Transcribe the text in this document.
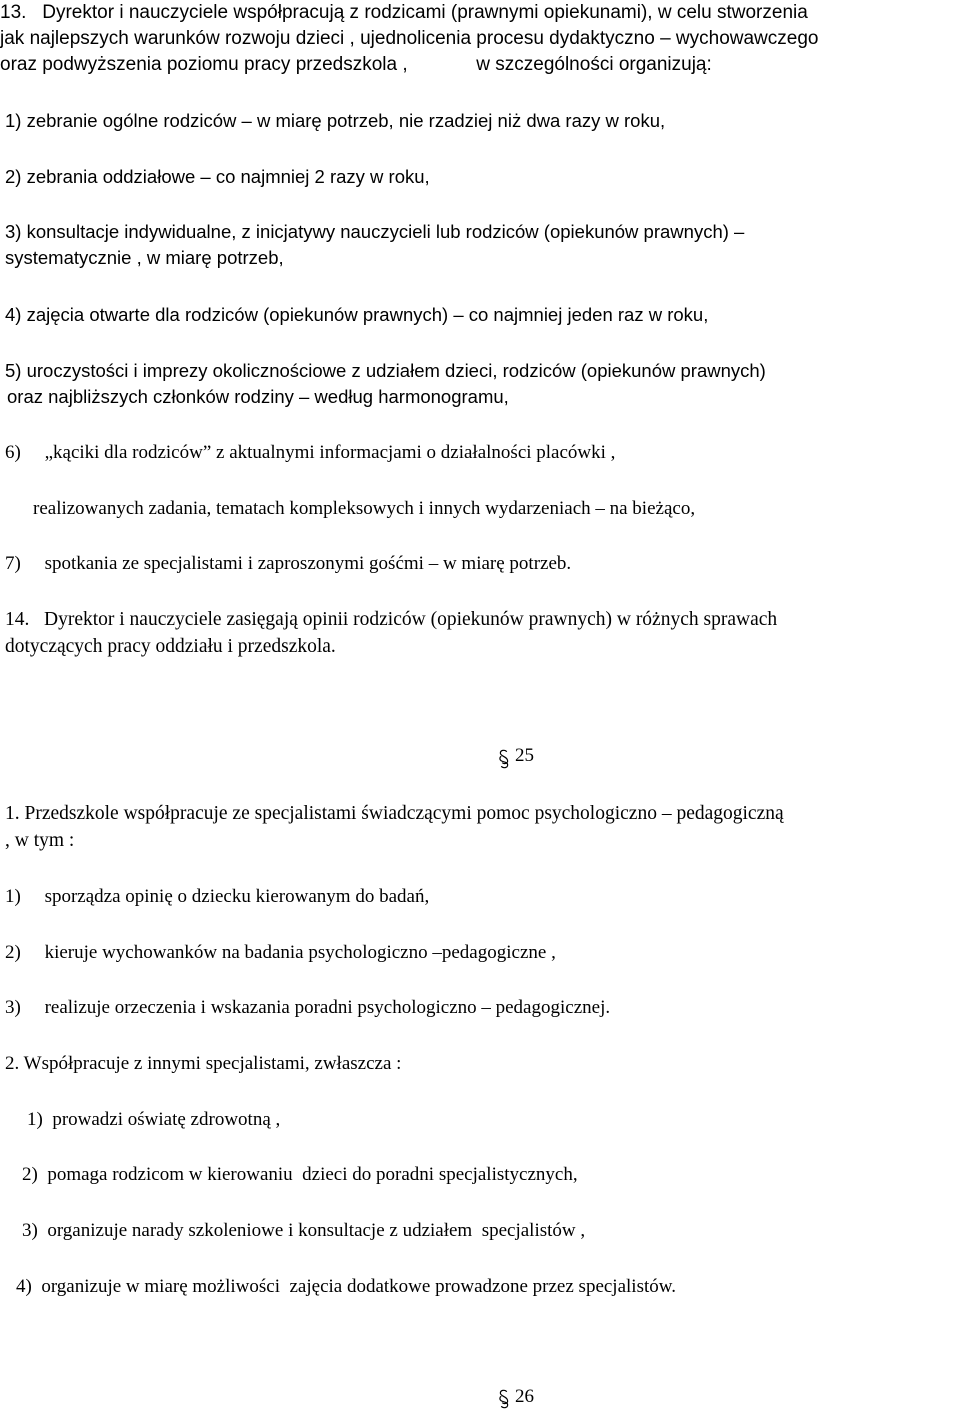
13.   Dyrektor i nauczyciele współpracują z rodzicami (prawnymi opiekunami), w celu stworzenia
jak najlepszych warunków rozwoju dzieci , ujednolicenia procesu dydaktyczno – wychowawczego
oraz podwyższenia poziomu pracy przedszkola ,             w szczególności organizują:
1) zebranie ogólne rodziców – w miarę potrzeb, nie rzadziej niż dwa razy w roku,
2) zebrania oddziałowe – co najmniej 2 razy w roku,
3) konsultacje indywidualne, z inicjatywy nauczycieli lub rodziców (opiekunów prawnych) –
systematycznie , w miarę potrzeb,
4) zajęcia otwarte dla rodziców (opiekunów prawnych) – co najmniej jeden raz w roku,
5) uroczystości i imprezy okolicznościowe z udziałem dzieci, rodziców (opiekunów prawnych)
oraz najbliższych członków rodziny – według harmonogramu,
6)     „kąciki dla rodziców” z aktualnymi informacjami o działalności placówki ,
realizowanych zadania, tematach kompleksowych i innych wydarzeniach – na bieżąco,
7)     spotkania ze specjalistami i zaproszonymi gośćmi – w miarę potrzeb.
14.   Dyrektor i nauczyciele zasięgają opinii rodziców (opiekunów prawnych) w różnych sprawach
dotyczących pracy oddziału i przedszkola.
25
1. Przedszkole współpracuje ze specjalistami świadczącymi pomoc psychologiczno – pedagogiczną
, w tym :
1)     sporządza opinię o dziecku kierowanym do badań,
2)     kieruje wychowanków na badania psychologiczno –pedagogiczne ,
3)     realizuje orzeczenia i wskazania poradni psychologiczno – pedagogicznej.
2. Współpracuje z innymi specjalistami, zwłaszcza :
1)  prowadzi oświatę zdrowotną ,
2)  pomaga rodzicom w kierowaniu  dzieci do poradni specjalistycznych,
3)  organizuje narady szkoleniowe i konsultacje z udziałem  specjalistów ,
4)  organizuje w miarę możliwości  zajęcia dodatkowe prowadzone przez specjalistów.
26
